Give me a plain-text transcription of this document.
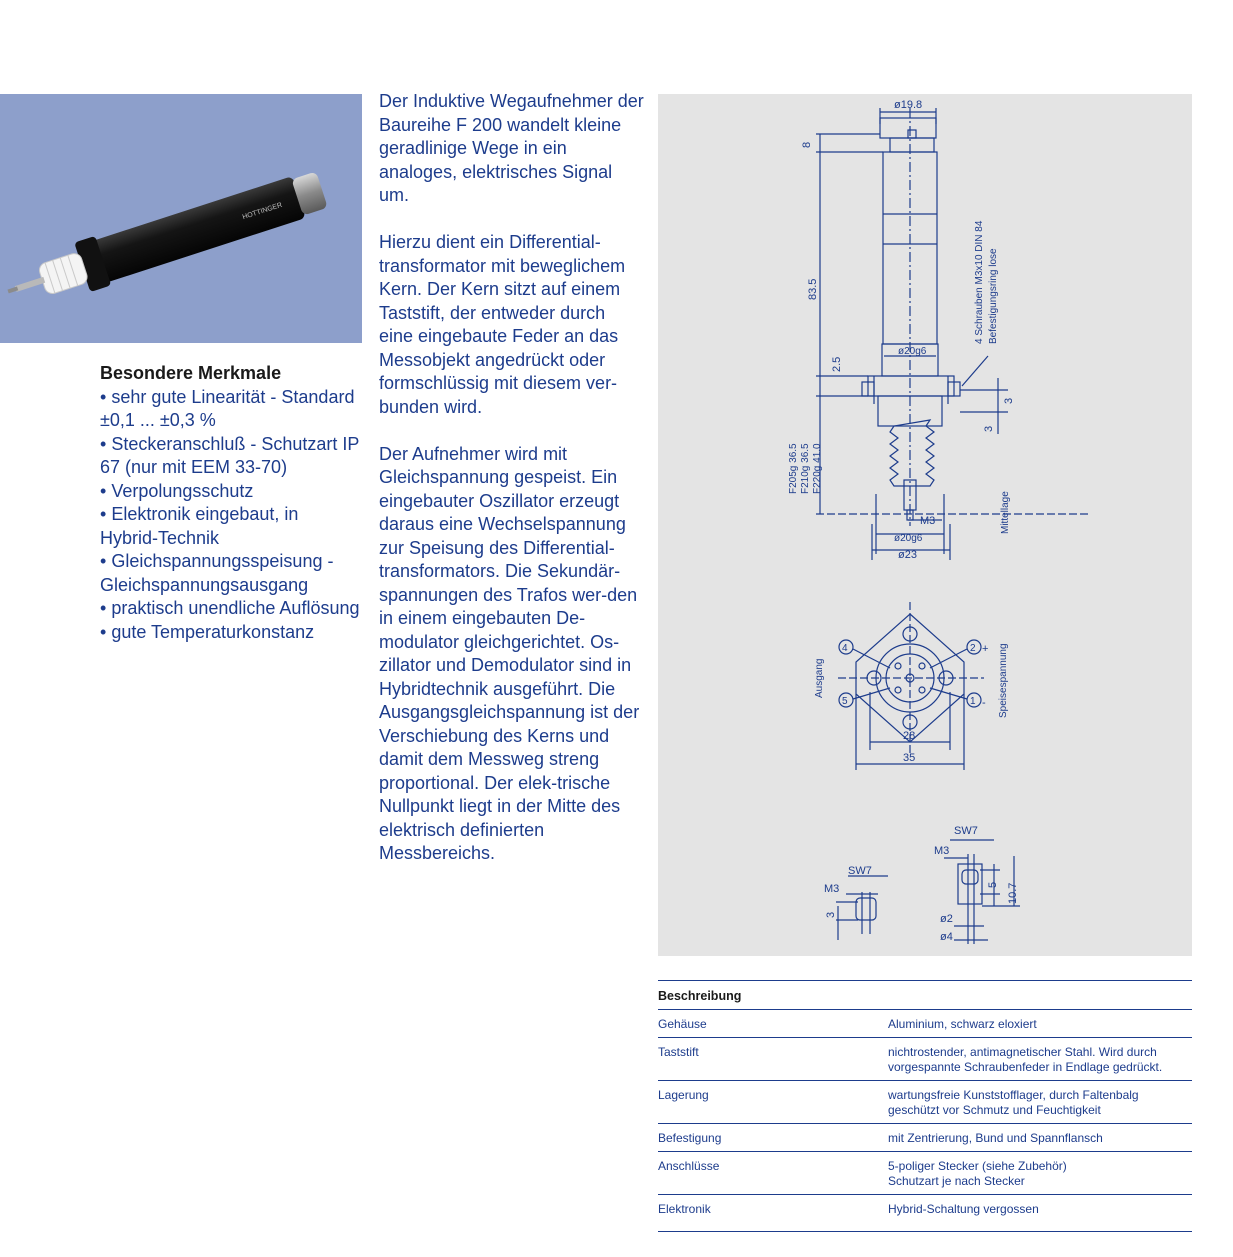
HOTTINGER
Besondere Merkmale
• sehr gute Linearität - Standard ±0,1 ... ±0,3 %
• Steckeranschluß - Schutzart IP 67 (nur mit EEM 33-70)
• Verpolungsschutz
• Elektronik eingebaut, in Hybrid-Technik
• Gleichspannungsspeisung - Gleichspannungsausgang
• praktisch unendliche Auflösung
• gute Temperaturkonstanz

Der Induktive Wegaufnehmer der Baureihe F 200 wandelt kleine geradlinige Wege in ein analoges, elektrisches Signal um.

Hierzu dient ein Differential-transformator mit beweglichem Kern. Der Kern sitzt auf einem Taststift, der entweder durch eine eingebaute Feder an das Messobjekt angedrückt oder formschlüssig mit diesem ver-bunden wird.

Der Aufnehmer wird mit Gleichspannung gespeist. Ein eingebauter Oszillator erzeugt daraus eine Wechselspannung zur Speisung des Differential-transformators. Die Sekundär-spannungen des Trafos wer-den in einem eingebauten De-modulator gleichgerichtet. Os-zillator und Demodulator sind in Hybridtechnik ausgeführt. Die Ausgangsgleichspannung ist der Verschiebung des Kerns und damit dem Messweg streng proportional. Der elek-trische Nullpunkt liegt in der Mitte des elektrisch definierten Messbereichs.

ø19.8
8
83.5
2.5
ø20g6
3
3
F205g 36.5 F210g 36.5 F220g 41.0
M3
ø20g6
ø23
4 Schrauben M3x10 DIN 84 Befestigungsring lose
Mittellage
Ausgang	Speisespannung
4	2
5	1
+
-
28
35
SW7
M3
3
SW7
M3
5 10.7
ø2
ø4
Beschreibung
Gehäuse	Aluminium, schwarz eloxiert
Taststift	nichtrostender, antimagnetischer Stahl. Wird durch
vorgespannte Schraubenfeder in Endlage gedrückt.
Lagerung	wartungsfreie Kunststofflager, durch Faltenbalg
geschützt vor Schmutz und Feuchtigkeit
Befestigung	mit Zentrierung, Bund und Spannflansch
Anschlüsse	5-poliger Stecker (siehe Zubehör)
Schutzart je nach Stecker
Elektronik	Hybrid-Schaltung vergossen
